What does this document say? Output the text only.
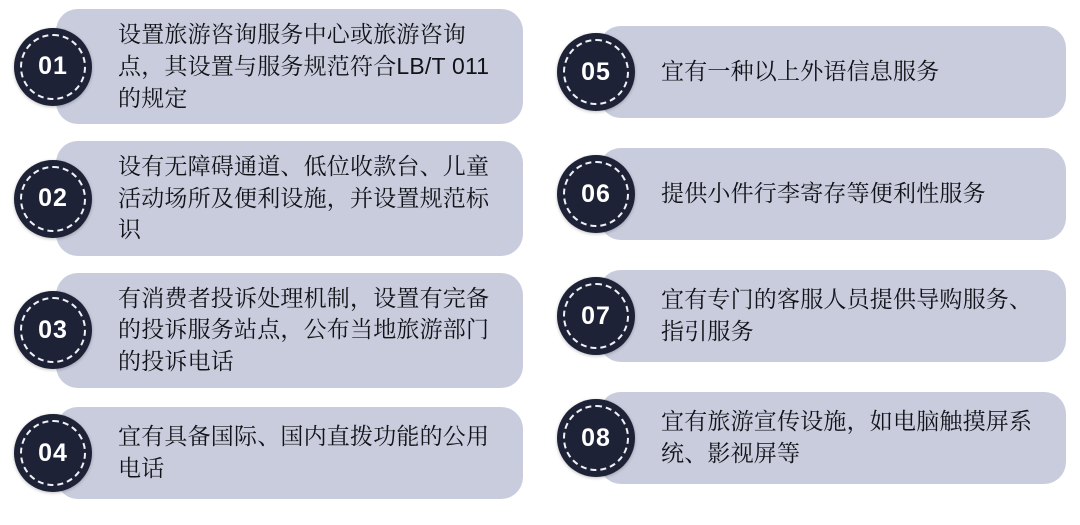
01
设置旅游咨询服务中心或旅游咨询点，其设置与服务规范符合LB/T 011的规定
02
设有无障碍通道、低位收款台、儿童活动场所及便利设施，并设置规范标识
03
有消费者投诉处理机制，设置有完备的投诉服务站点，公布当地旅游部门的投诉电话
04
宜有具备国际、国内直拨功能的公用电话
05 宜有一种以上外语信息服务
06 提供小件行李寄存等便利性服务
07
宜有专门的客服人员提供导购服务、指引服务
08
宜有旅游宣传设施，如电脑触摸屏系统、影视屏等
